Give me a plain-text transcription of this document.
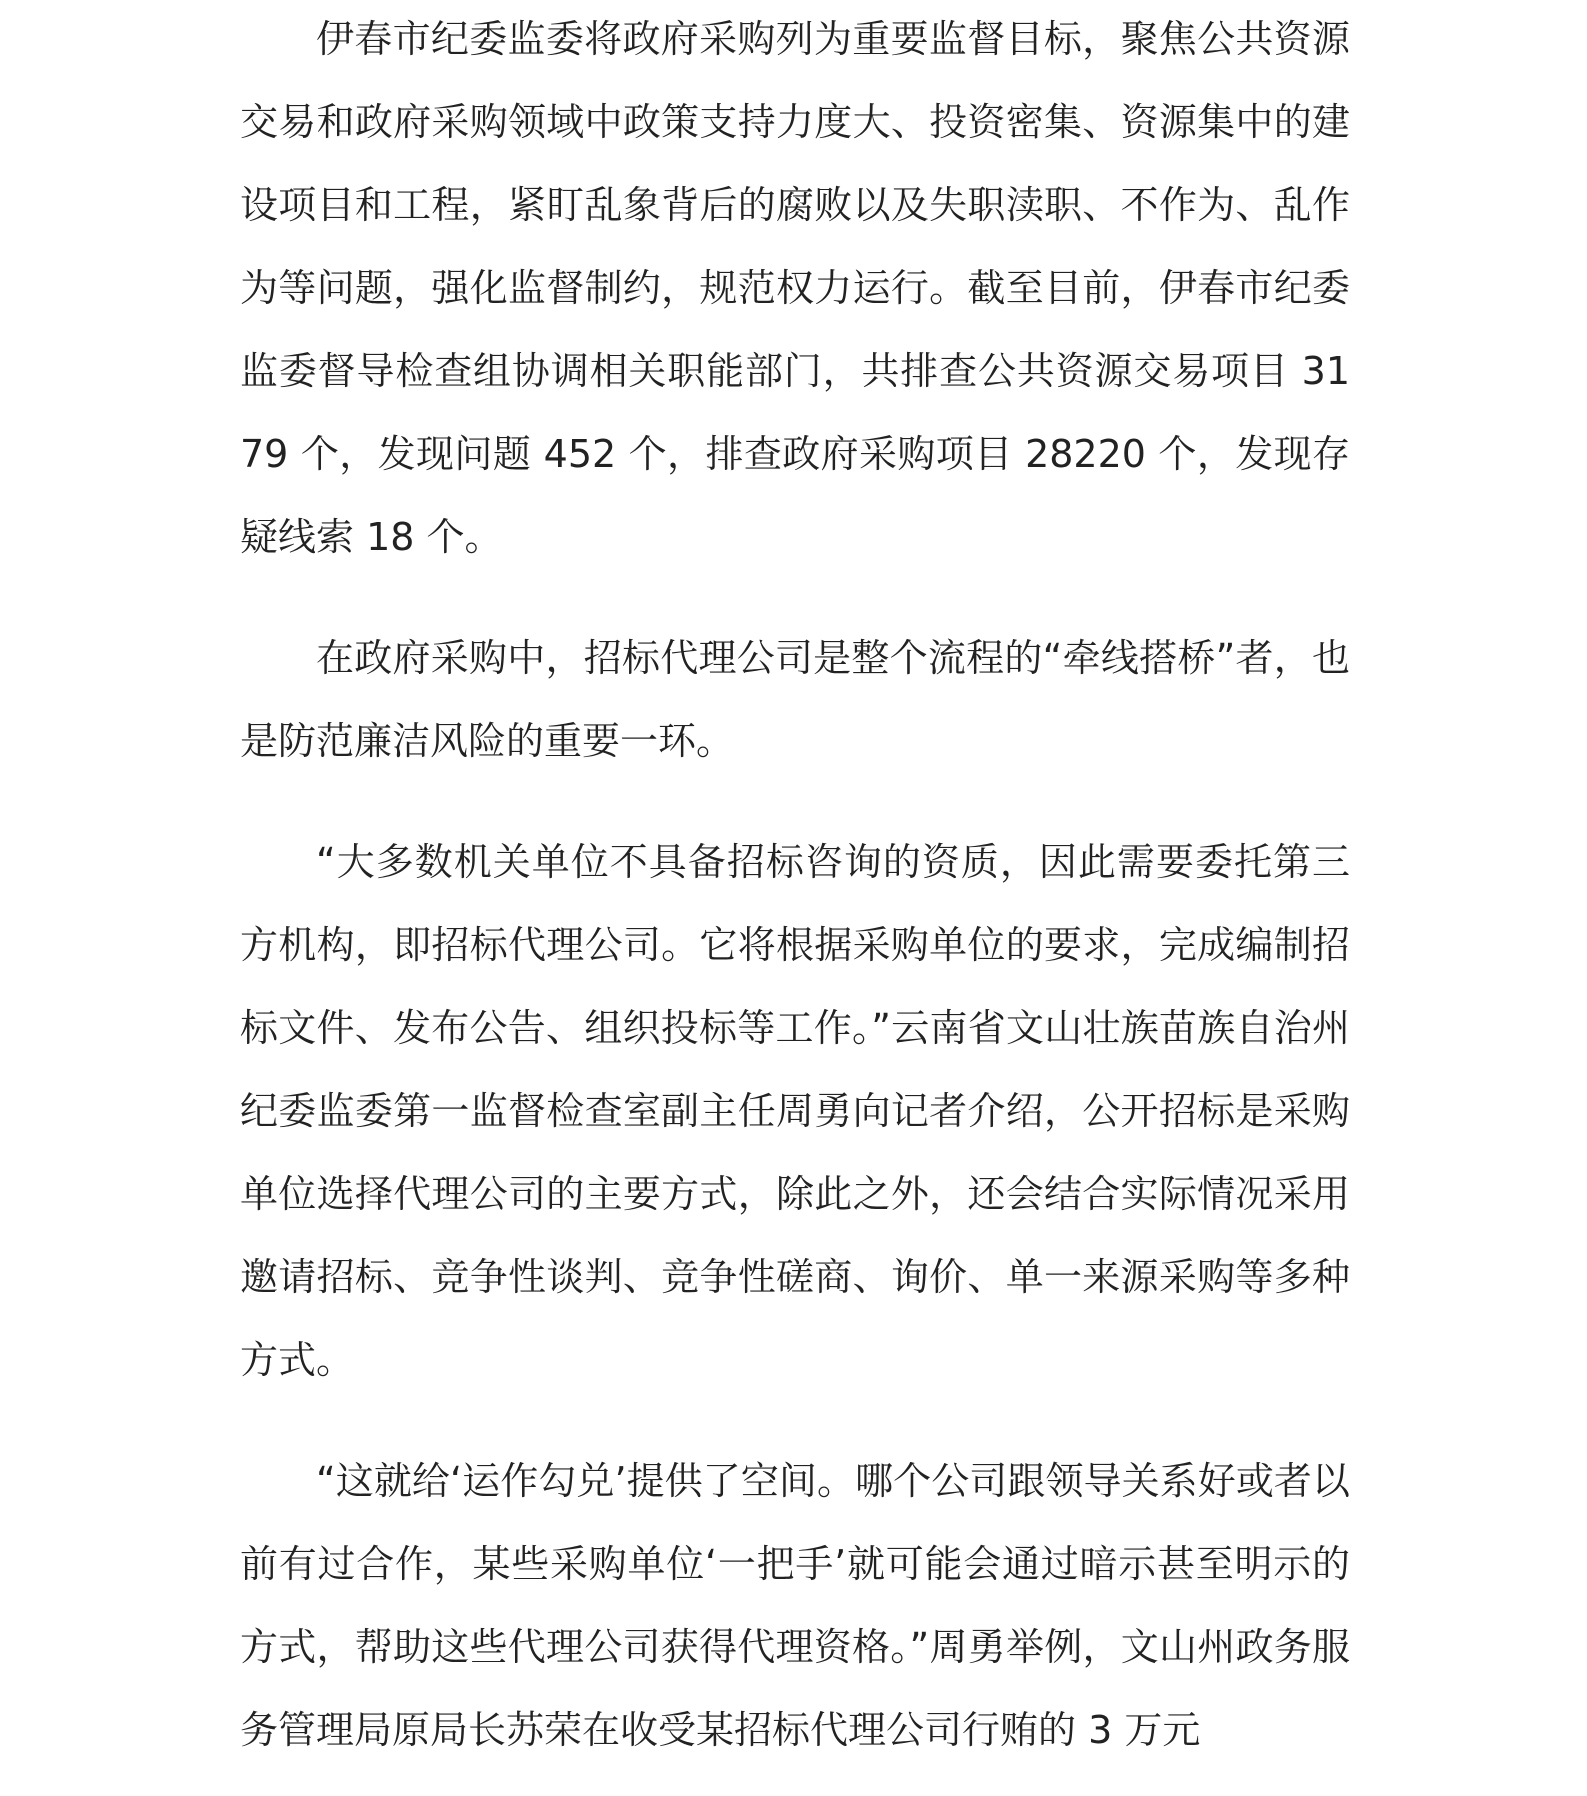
伊春市纪委监委将政府采购列为重要监督目标，聚焦公共资源交易和政府采购领域中政策支持力度大、投资密集、资源集中的建设项目和工程，紧盯乱象背后的腐败以及失职渎职、不作为、乱作为等问题，强化监督制约，规范权力运行。截至目前，伊春市纪委监委督导检查组协调相关职能部门，共排查公共资源交易项目 3179 个，发现问题 452 个，排查政府采购项目 28220 个，发现存疑线索 18 个。

在政府采购中，招标代理公司是整个流程的“牵线搭桥”者，也是防范廉洁风险的重要一环。

“大多数机关单位不具备招标咨询的资质，因此需要委托第三方机构，即招标代理公司。它将根据采购单位的要求，完成编制招标文件、发布公告、组织投标等工作。”云南省文山壮族苗族自治州纪委监委第一监督检查室副主任周勇向记者介绍，公开招标是采购单位选择代理公司的主要方式，除此之外，还会结合实际情况采用邀请招标、竞争性谈判、竞争性磋商、询价、单一来源采购等多种方式。

“这就给‘运作勾兑’提供了空间。哪个公司跟领导关系好或者以前有过合作，某些采购单位‘一把手’就可能会通过暗示甚至明示的方式，帮助这些代理公司获得代理资格。”周勇举例，文山州政务服务管理局原局长苏荣在收受某招标代理公司行贿的 3 万元
